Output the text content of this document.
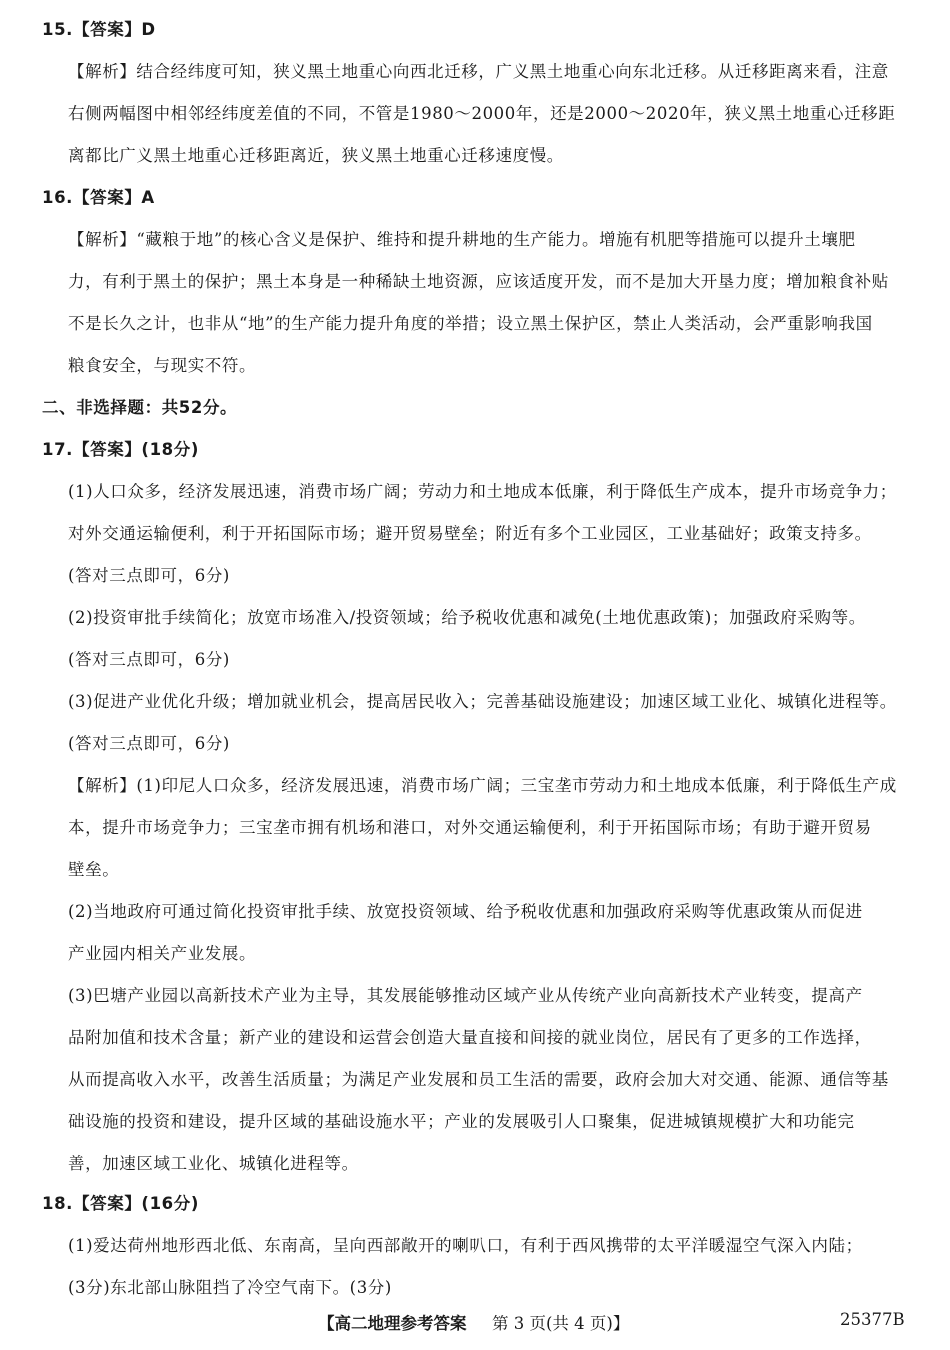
15.【答案】D
【解析】结合经纬度可知，狭义黑土地重心向西北迁移，广义黑土地重心向东北迁移。从迁移距离来看，注意
右侧两幅图中相邻经纬度差值的不同，不管是1980～2000年，还是2000～2020年，狭义黑土地重心迁移距
离都比广义黑土地重心迁移距离近，狭义黑土地重心迁移速度慢。
16.【答案】A
【解析】“藏粮于地”的核心含义是保护、维持和提升耕地的生产能力。增施有机肥等措施可以提升土壤肥
力，有利于黑土的保护；黑土本身是一种稀缺土地资源，应该适度开发，而不是加大开垦力度；增加粮食补贴
不是长久之计，也非从“地”的生产能力提升角度的举措；设立黑土保护区，禁止人类活动，会严重影响我国
粮食安全，与现实不符。
二、非选择题：共52分。
17.【答案】(18分)
(1)人口众多，经济发展迅速，消费市场广阔；劳动力和土地成本低廉，利于降低生产成本，提升市场竞争力；
对外交通运输便利，利于开拓国际市场；避开贸易壁垒；附近有多个工业园区，工业基础好；政策支持多。
(答对三点即可，6分)
(2)投资审批手续简化；放宽市场准入/投资领域；给予税收优惠和减免(土地优惠政策)；加强政府采购等。
(答对三点即可，6分)
(3)促进产业优化升级；增加就业机会，提高居民收入；完善基础设施建设；加速区域工业化、城镇化进程等。
(答对三点即可，6分)
【解析】(1)印尼人口众多，经济发展迅速，消费市场广阔；三宝垄市劳动力和土地成本低廉，利于降低生产成
本，提升市场竞争力；三宝垄市拥有机场和港口，对外交通运输便利，利于开拓国际市场；有助于避开贸易
壁垒。
(2)当地政府可通过简化投资审批手续、放宽投资领域、给予税收优惠和加强政府采购等优惠政策从而促进
产业园内相关产业发展。
(3)巴塘产业园以高新技术产业为主导，其发展能够推动区域产业从传统产业向高新技术产业转变，提高产
品附加值和技术含量；新产业的建设和运营会创造大量直接和间接的就业岗位，居民有了更多的工作选择，
从而提高收入水平，改善生活质量；为满足产业发展和员工生活的需要，政府会加大对交通、能源、通信等基
础设施的投资和建设，提升区域的基础设施水平；产业的发展吸引人口聚集，促进城镇规模扩大和功能完
善，加速区域工业化、城镇化进程等。
18.【答案】(16分)
(1)爱达荷州地形西北低、东南高，呈向西部敞开的喇叭口，有利于西风携带的太平洋暖湿空气深入内陆；
(3分)东北部山脉阻挡了冷空气南下。(3分)
【高二地理参考答案 第 3 页(共 4 页)】	25377B
